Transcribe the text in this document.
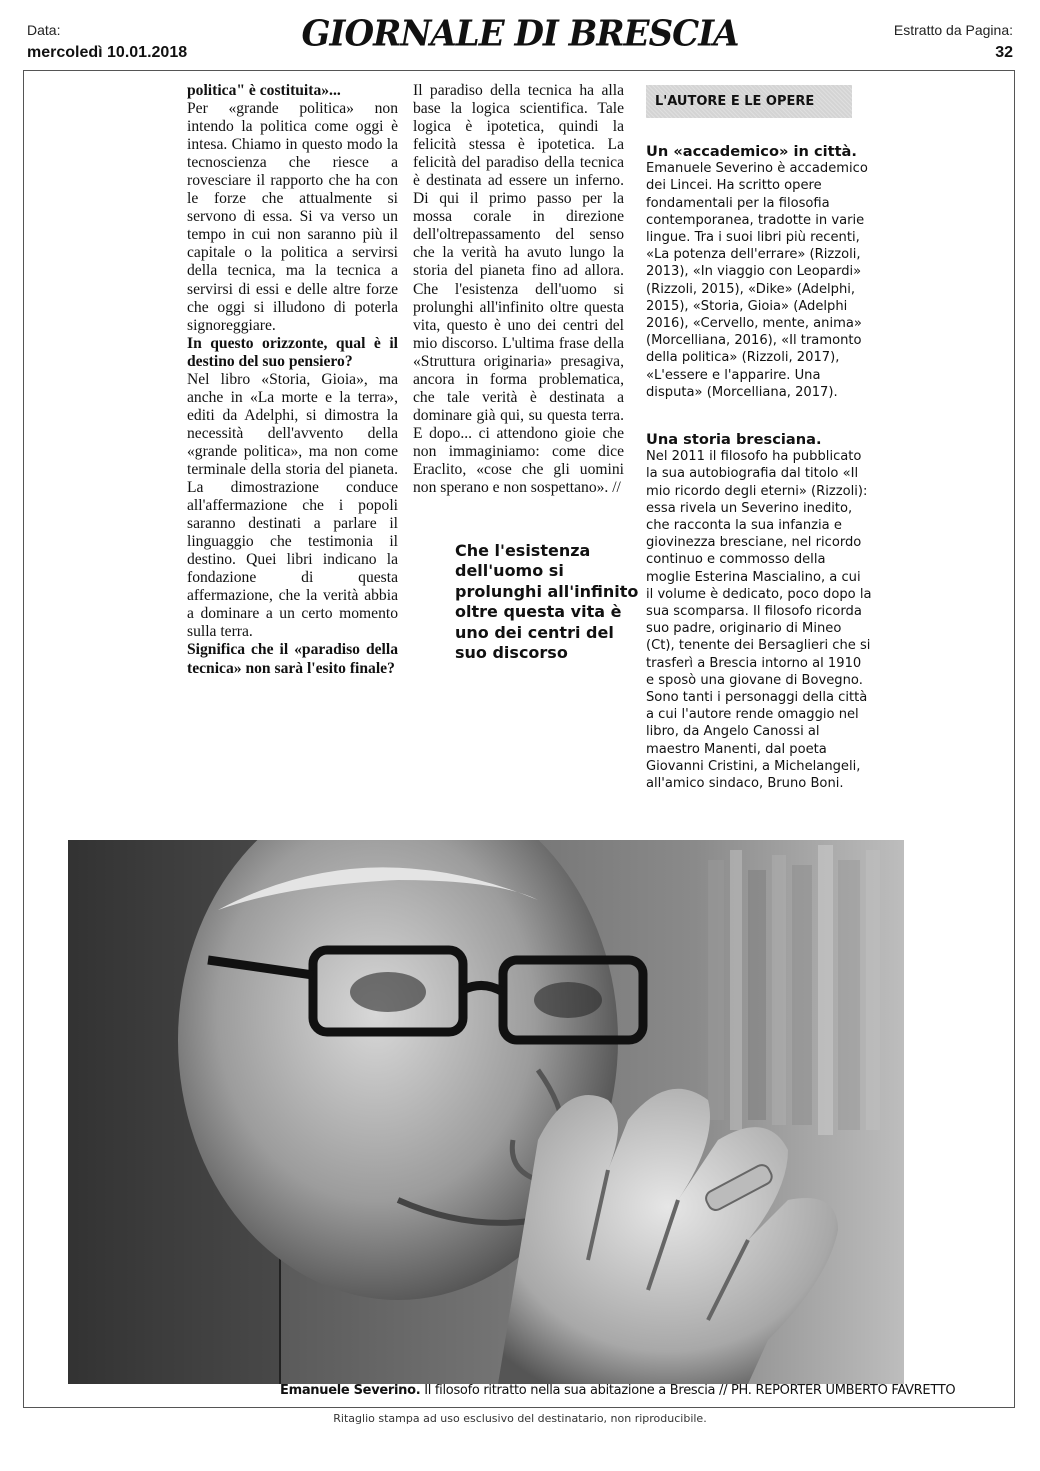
Data:
mercoledì 10.01.2018	GIORNALE DI BRESCIA	Estratto da Pagina:
32

politica" è costituita»...

Per «grande politica» non intendo la politica come oggi è intesa. Chiamo in questo modo la tecnoscienza che riesce a rovesciare il rapporto che ha con le forze che attualmente si servono di essa. Si va verso un tempo in cui non saranno più il capitale o la politica a servirsi della tecnica, ma la tecnica a servirsi di essi e delle altre forze che oggi si illudono di poterla signoreggiare.

In questo orizzonte, qual è il destino del suo pensiero?

Nel libro «Storia, Gioia», ma anche in «La morte e la terra», editi da Adelphi, si dimostra la necessità dell'avvento della «grande politica», ma non come terminale della storia del pianeta. La dimostrazione conduce all'affermazione che i popoli saranno destinati a parlare il linguaggio che testimonia il destino. Quei libri indicano la fondazione di questa affermazione, che la verità abbia a dominare a un certo momento sulla terra.

Significa che il «paradiso della tecnica» non sarà l'esito finale?

Il paradiso della tecnica ha alla base la logica scientifica. Tale logica è ipotetica, quindi la felicità stessa è ipotetica. La felicità del paradiso della tecnica è destinata ad essere un inferno. Di qui il primo passo per la mossa corale in direzione dell'oltrepassamento del senso che la verità ha avuto lungo la storia del pianeta fino ad allora. Che l'esistenza dell'uomo si prolunghi all'infinito oltre questa vita, questo è uno dei centri del mio discorso. L'ultima frase della «Struttura originaria» presagiva, ancora in forma problematica, che tale verità è destinata a dominare già qui, su questa terra. E dopo... ci attendono gioie che non immaginiamo: come dice Eraclito, «cose che gli uomini non sperano e non sospettano». //

Che l'esistenza dell'uomo si prolunghi all'infinito oltre questa vita è uno dei centri del suo discorso
L'AUTORE E LE OPERE
Un «accademico» in città.
Emanuele Severino è accademico dei Lincei. Ha scritto opere fondamentali per la filosofia contemporanea, tradotte in varie lingue. Tra i suoi libri più recenti, «La potenza dell'errare» (Rizzoli, 2013), «In viaggio con Leopardi» (Rizzoli, 2015), «Dike» (Adelphi, 2015), «Storia, Gioia» (Adelphi 2016), «Cervello, mente, anima» (Morcelliana, 2016), «Il tramonto della politica» (Rizzoli, 2017), «L'essere e l'apparire. Una disputa» (Morcelliana, 2017).
Una storia bresciana.
Nel 2011 il filosofo ha pubblicato la sua autobiografia dal titolo «Il mio ricordo degli eterni» (Rizzoli): essa rivela un Severino inedito, che racconta la sua infanzia e giovinezza bresciane, nel ricordo continuo e commosso della moglie Esterina Mascialino, a cui il volume è dedicato, poco dopo la sua scomparsa. Il filosofo ricorda suo padre, originario di Mineo (Ct), tenente dei Bersaglieri che si trasferì a Brescia intorno al 1910 e sposò una giovane di Bovegno. Sono tanti i personaggi della città a cui l'autore rende omaggio nel libro, da Angelo Canossi al maestro Manenti, dal poeta Giovanni Cristini, a Michelangeli, all'amico sindaco, Bruno Boni.
Emanuele Severino. Il filosofo ritratto nella sua abitazione a Brescia // PH. REPORTER UMBERTO FAVRETTO
Ritaglio stampa ad uso esclusivo del destinatario, non riproducibile.
